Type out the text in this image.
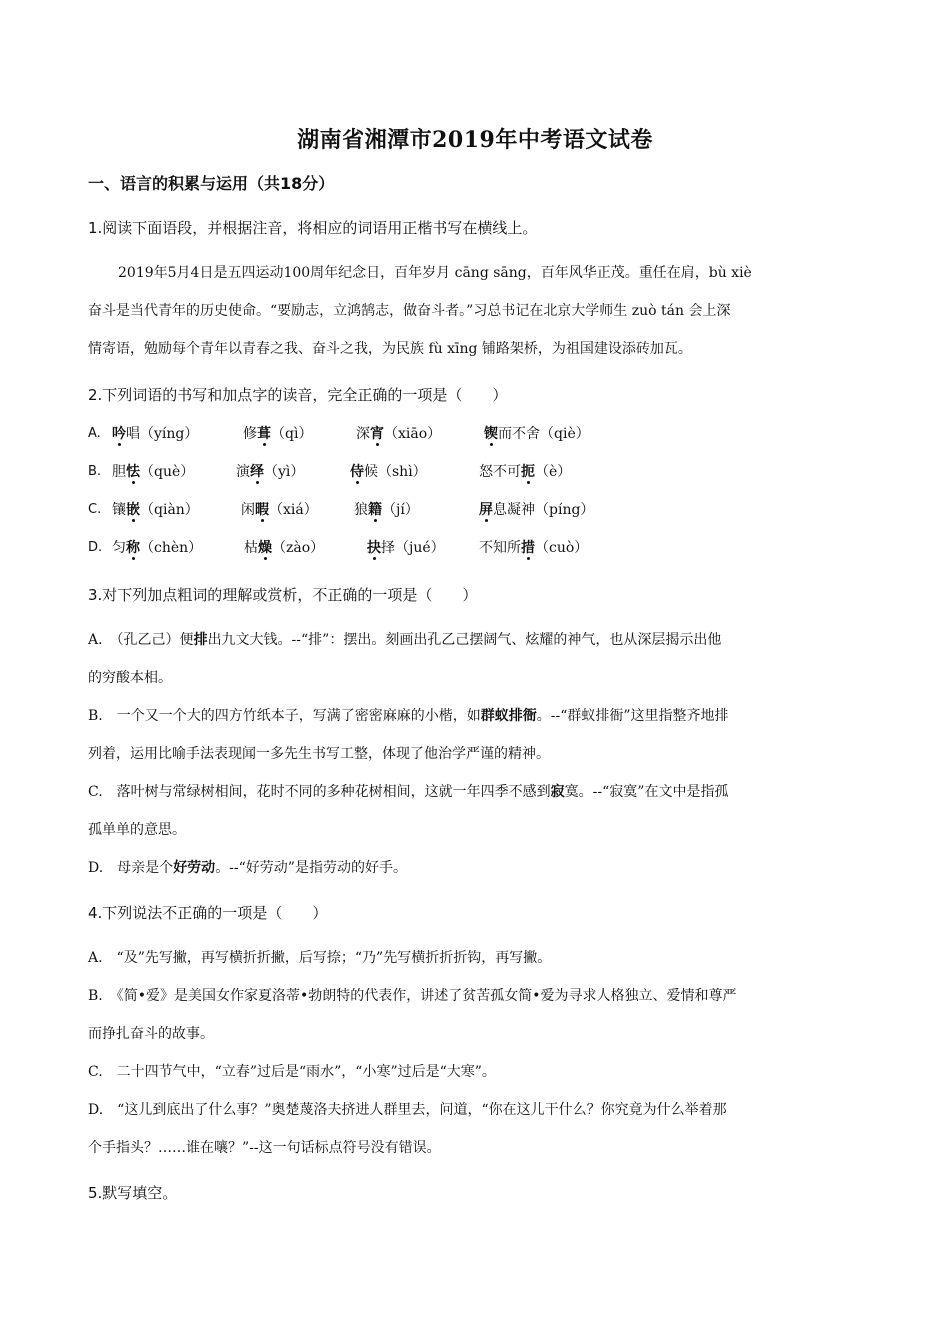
湖南省湘潭市2019年中考语文试卷
一、语言的积累与运用（共18分）
1.阅读下面语段，并根据注音，将相应的词语用正楷书写在横线上。

2019年5月4日是五四运动100周年纪念日，百年岁月 cāng sāng，百年风华正茂。重任在肩，bù xiè

奋斗是当代青年的历史使命。“要励志，立鸿鹄志，做奋斗者。”习总书记在北京大学师生 zuò tán 会上深

情寄语，勉励每个青年以青春之我、奋斗之我，为民族 fù xīng 铺路架桥，为祖国建设添砖加瓦。

2.下列词语的书写和加点字的读音，完全正确的一项是（　　）
A. 吟唱（yíng）	修葺（qì）	深宵（xiāo）	锲而不舍（qiè）
B. 胆怯（què）	演绎（yì）	侍候（shì）	怒不可扼（è）
C. 镶嵌（qiàn）	闲暇（xiá）	狼籍（jí）	屏息凝神（píng）
D. 匀称（chèn）	枯燥（zào）	抉择（jué） 不知所措（cuò）
3.对下列加点粗词的理解或赏析，不正确的一项是（　　）

A.　（孔乙己）便排出九文大钱。--“排”：摆出。刻画出孔乙己摆阔气、炫耀的神气，也从深层揭示出他

的穷酸本相。

B.　一个又一个大的四方竹纸本子，写满了密密麻麻的小楷，如群蚁排衙。--“群蚁排衙”这里指整齐地排

列着，运用比喻手法表现闻一多先生书写工整，体现了他治学严谨的精神。

C.　落叶树与常绿树相间，花时不同的多种花树相间，这就一年四季不感到寂寞。--“寂寞”在文中是指孤

孤单单的意思。

D.　母亲是个好劳动。--“好劳动”是指劳动的好手。

4.下列说法不正确的一项是（　　）

A.　“及”先写撇，再写横折折撇，后写捺；“乃”先写横折折折钩，再写撇。

B.　《简•爱》是美国女作家夏洛蒂•勃朗特的代表作，讲述了贫苦孤女简•爱为寻求人格独立、爱情和尊严

而挣扎奋斗的故事。

C.　二十四节气中，“立春”过后是“雨水”，“小寒”过后是“大寒”。

D.　“这儿到底出了什么事？”奥楚蔑洛夫挤进人群里去，问道，“你在这儿干什么？你究竟为什么举着那

个手指头？……谁在嚷？”--这一句话标点符号没有错误。

5.默写填空。
